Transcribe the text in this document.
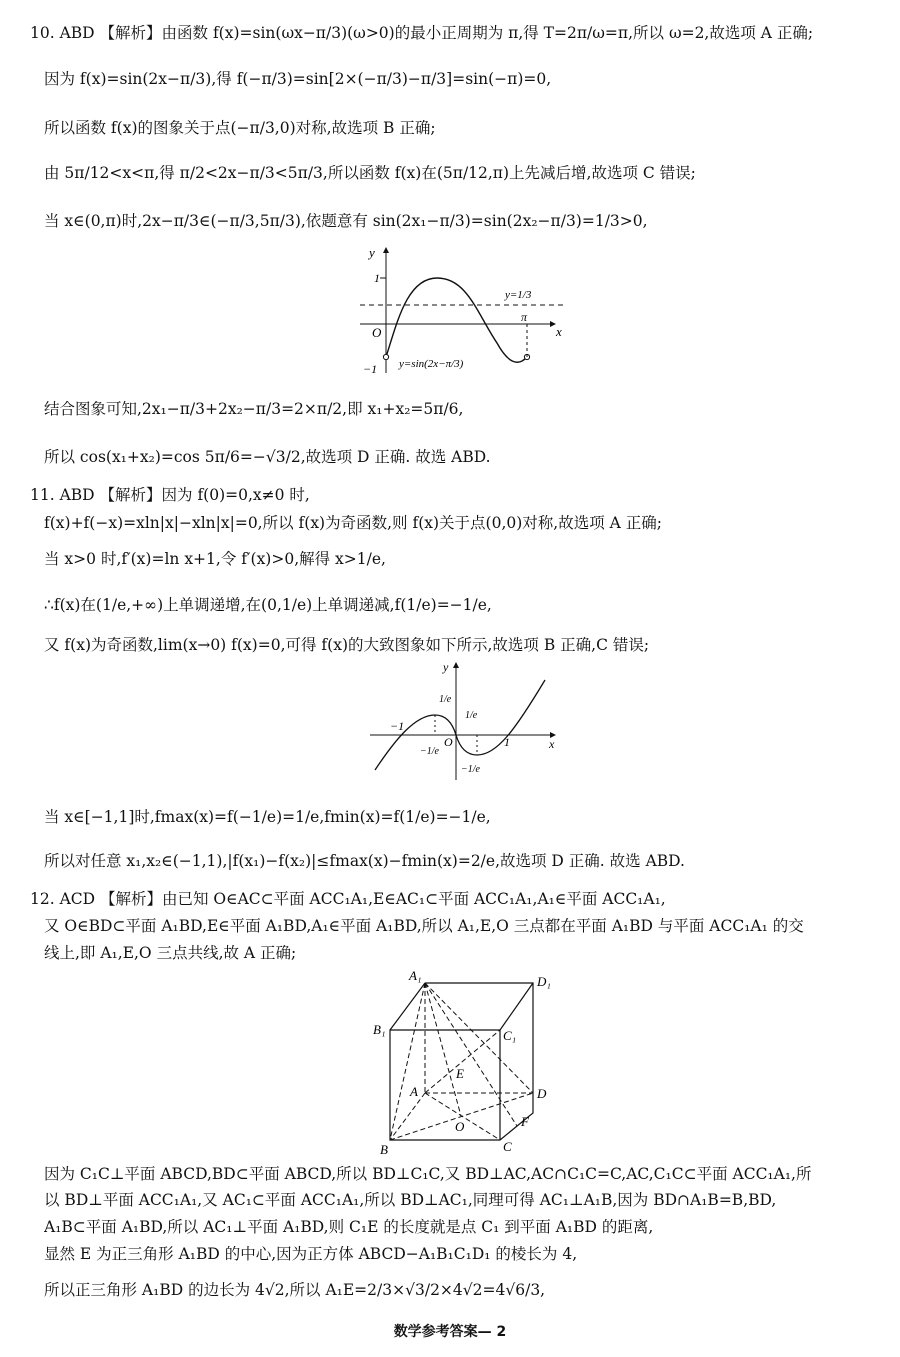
10. ABD 【解析】由函数 f(x)=sin(ωx−π/3)(ω>0)的最小正周期为 π,得 T=2π/ω=π,所以 ω=2,故选项 A 正确;
因为 f(x)=sin(2x−π/3),得 f(−π/3)=sin[2×(−π/3)−π/3]=sin(−π)=0,
所以函数 f(x)的图象关于点(−π/3,0)对称,故选项 B 正确;
由 5π/12<x<π,得 π/2<2x−π/3<5π/3,所以函数 f(x)在(5π/12,π)上先减后增,故选项 C 错误;
当 x∈(0,π)时,2x−π/3∈(−π/3,5π/3),依题意有 sin(2x₁−π/3)=sin(2x₂−π/3)=1/3>0,
y
x
O
1
−1
π
y=1/3
y=sin(2x−π/3)
结合图象可知,2x₁−π/3+2x₂−π/3=2×π/2,即 x₁+x₂=5π/6,
所以 cos(x₁+x₂)=cos 5π/6=−√3/2,故选项 D 正确. 故选 ABD.
11. ABD 【解析】因为 f(0)=0,x≠0 时,
f(x)+f(−x)=xln|x|−xln|x|=0,所以 f(x)为奇函数,则 f(x)关于点(0,0)对称,故选项 A 正确;
当 x>0 时,f′(x)=ln x+1,令 f′(x)>0,解得 x>1/e,
∴f(x)在(1/e,+∞)上单调递增,在(0,1/e)上单调递减,f(1/e)=−1/e,
又 f(x)为奇函数,lim(x→0) f(x)=0,可得 f(x)的大致图象如下所示,故选项 B 正确,C 错误;
y
x
O
−1
1
1/e
1/e
−1/e
−1/e
当 x∈[−1,1]时,fmax(x)=f(−1/e)=1/e,fmin(x)=f(1/e)=−1/e,
所以对任意 x₁,x₂∈(−1,1),|f(x₁)−f(x₂)|≤fmax(x)−fmin(x)=2/e,故选项 D 正确. 故选 ABD.
12. ACD 【解析】由已知 O∈AC⊂平面 ACC₁A₁,E∈AC₁⊂平面 ACC₁A₁,A₁∈平面 ACC₁A₁,
又 O∈BD⊂平面 A₁BD,E∈平面 A₁BD,A₁∈平面 A₁BD,所以 A₁,E,O 三点都在平面 A₁BD 与平面 ACC₁A₁ 的交
线上,即 A₁,E,O 三点共线,故 A 正确;
A₁	D₁
B₁	C₁
A	D
B	C
E
O	F
因为 C₁C⊥平面 ABCD,BD⊂平面 ABCD,所以 BD⊥C₁C,又 BD⊥AC,AC∩C₁C=C,AC,C₁C⊂平面 ACC₁A₁,所
以 BD⊥平面 ACC₁A₁,又 AC₁⊂平面 ACC₁A₁,所以 BD⊥AC₁,同理可得 AC₁⊥A₁B,因为 BD∩A₁B=B,BD,
A₁B⊂平面 A₁BD,所以 AC₁⊥平面 A₁BD,则 C₁E 的长度就是点 C₁ 到平面 A₁BD 的距离,
显然 E 为正三角形 A₁BD 的中心,因为正方体 ABCD−A₁B₁C₁D₁ 的棱长为 4,
所以正三角形 A₁BD 的边长为 4√2,所以 A₁E=2/3×√3/2×4√2=4√6/3,
数学参考答案— 2
